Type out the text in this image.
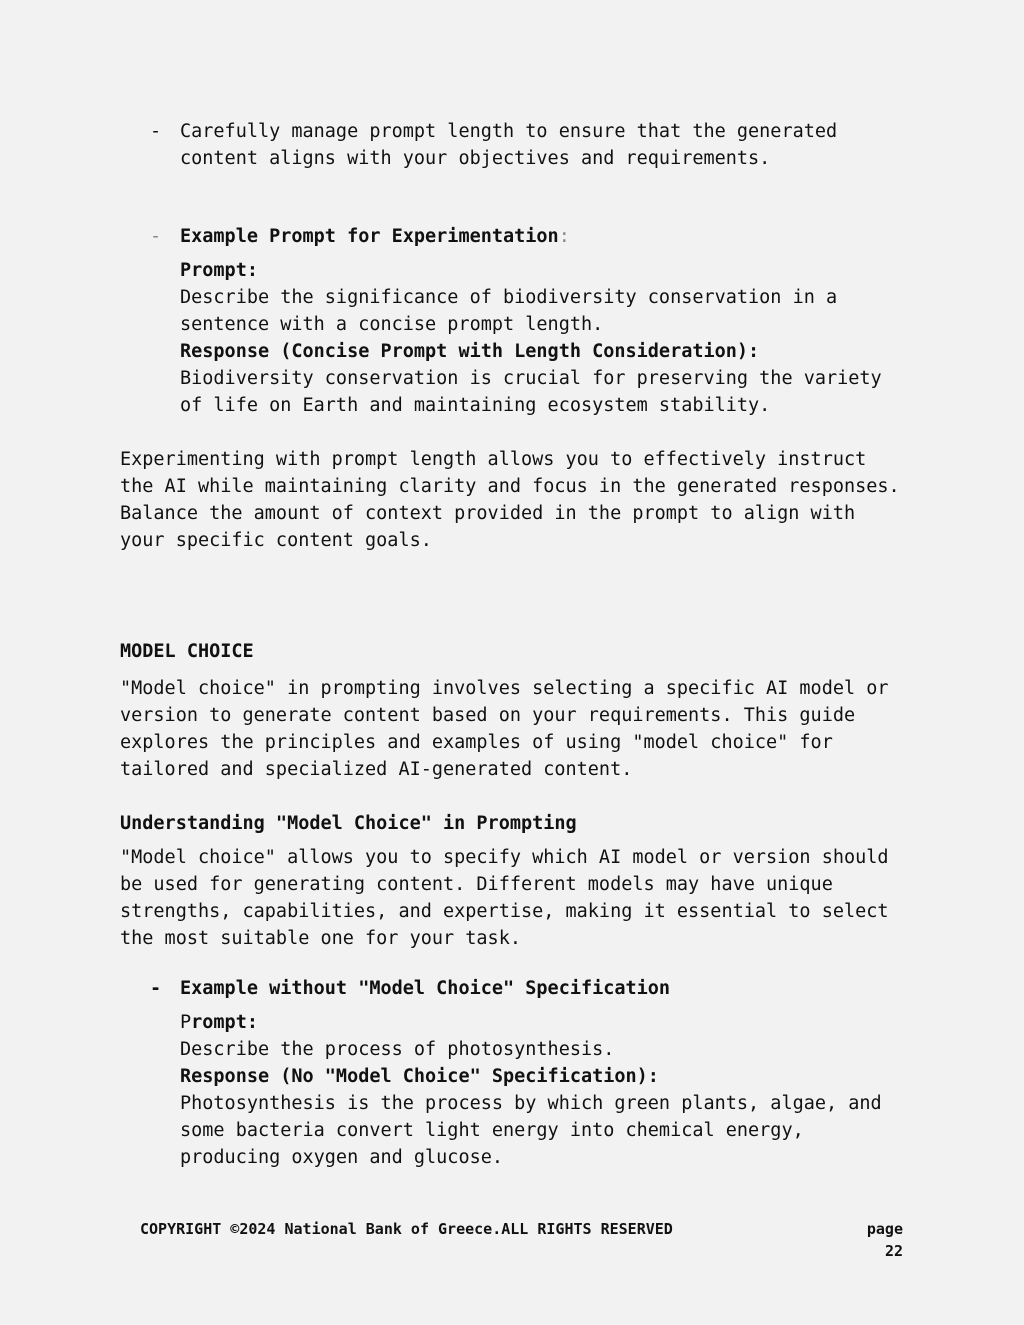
-	Carefully manage prompt length to ensure that the generated
content aligns with your objectives and requirements.
-	Example Prompt for Experimentation:
Prompt:
Describe the significance of biodiversity conservation in a
sentence with a concise prompt length.
Response (Concise Prompt with Length Consideration):
Biodiversity conservation is crucial for preserving the variety
of life on Earth and maintaining ecosystem stability.
Experimenting with prompt length allows you to effectively instruct
the AI while maintaining clarity and focus in the generated responses.
Balance the amount of context provided in the prompt to align with
your specific content goals.
MODEL CHOICE
"Model choice" in prompting involves selecting a specific AI model or
version to generate content based on your requirements. This guide
explores the principles and examples of using "model choice" for
tailored and specialized AI-generated content.
Understanding "Model Choice" in Prompting
"Model choice" allows you to specify which AI model or version should
be used for generating content. Different models may have unique
strengths, capabilities, and expertise, making it essential to select
the most suitable one for your task.
-	Example without "Model Choice" Specification
Prompt:
Describe the process of photosynthesis.
Response (No "Model Choice" Specification):
Photosynthesis is the process by which green plants, algae, and
some bacteria convert light energy into chemical energy,
producing oxygen and glucose.
COPYRIGHT ©2024 National Bank of Greece.ALL RIGHTS RESERVED	page
22
